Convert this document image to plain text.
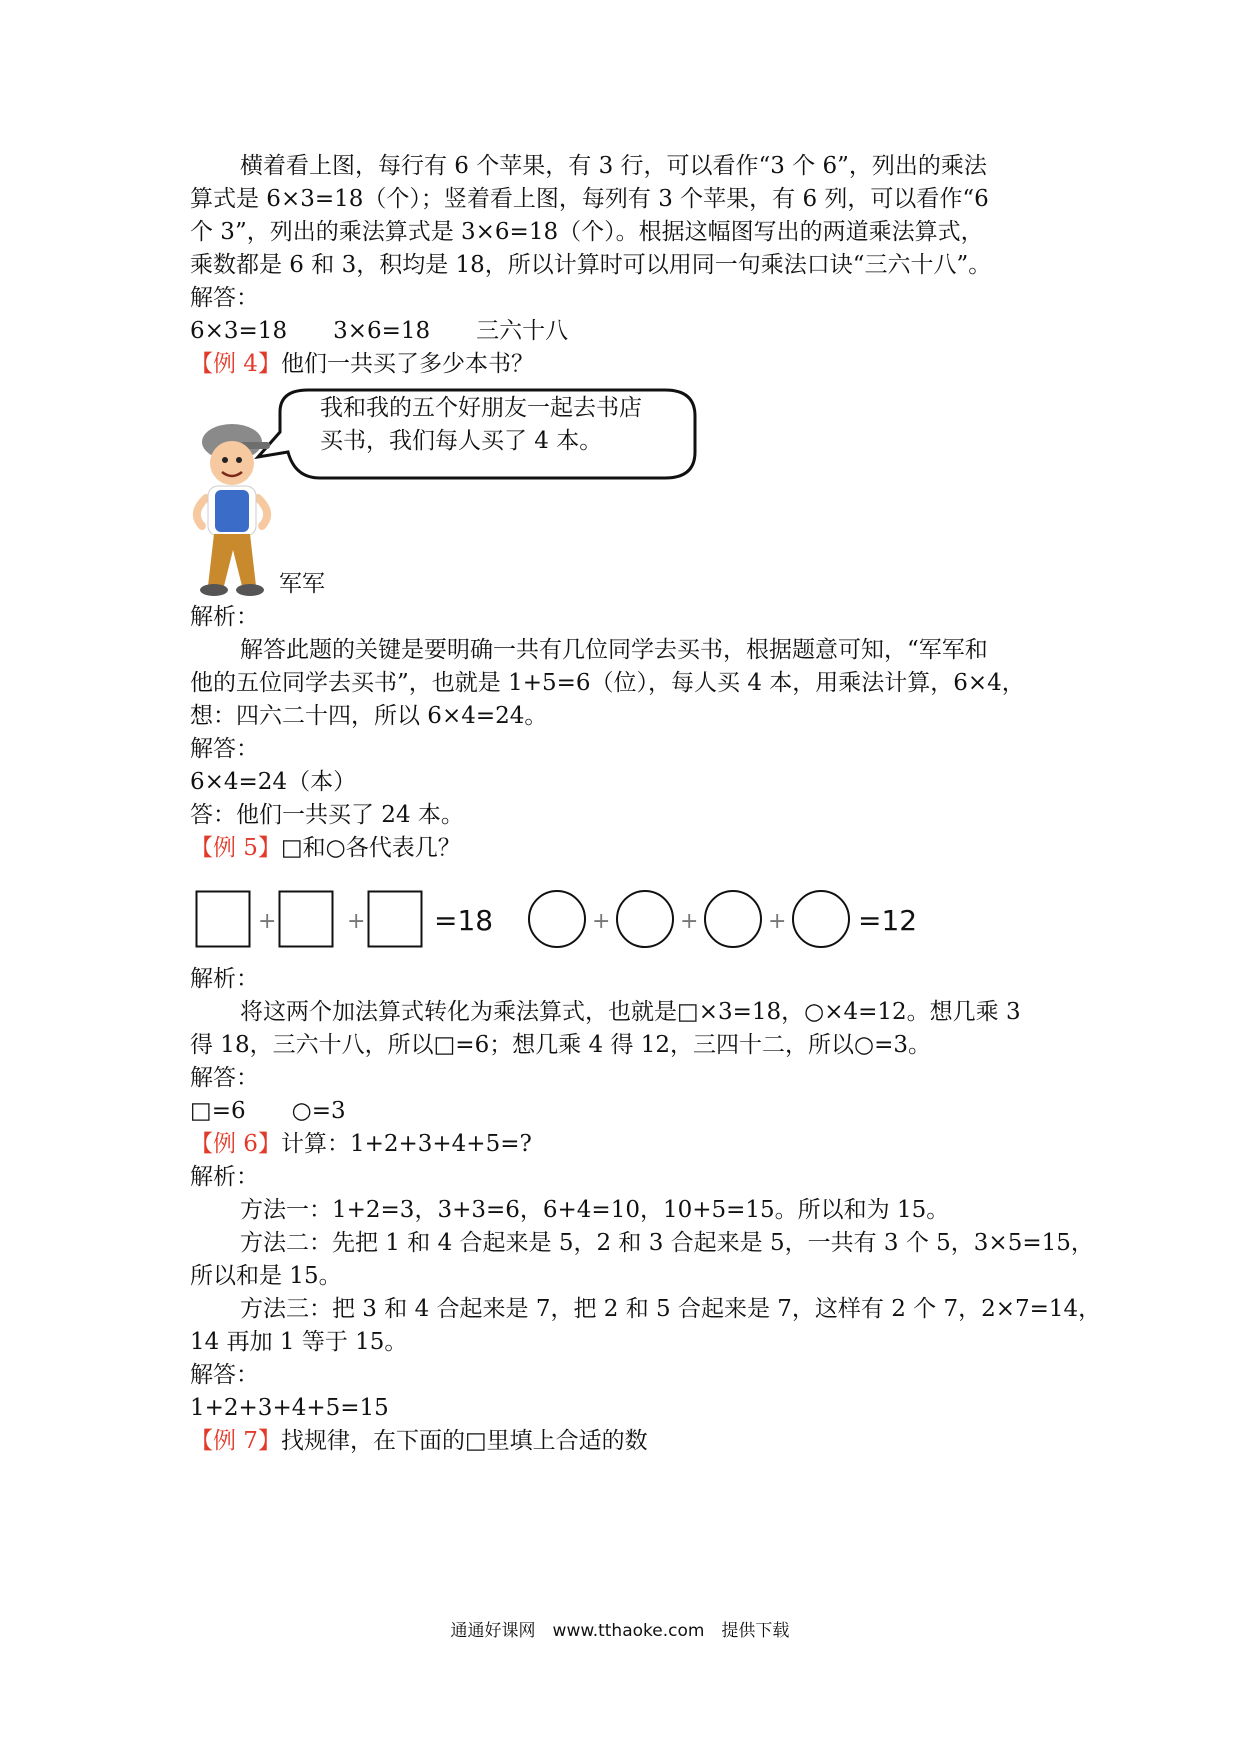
横着看上图，每行有 6 个苹果，有 3 行，可以看作“3 个 6”，列出的乘法
算式是 6×3=18（个）；竖着看上图，每列有 3 个苹果，有 6 列，可以看作“6
个 3”，列出的乘法算式是 3×6=18（个）。根据这幅图写出的两道乘法算式，
乘数都是 6 和 3，积均是 18，所以计算时可以用同一句乘法口诀“三六十八”。
解答：
6×3=18　　3×6=18　　三六十八
【例 4】他们一共买了多少本书？
我和我的五个好朋友一起去书店
买书，我们每人买了 4 本。
军军
解析：
解答此题的关键是要明确一共有几位同学去买书，根据题意可知，“军军和
他的五位同学去买书”，也就是 1+5=6（位），每人买 4 本，用乘法计算，6×4，
想：四六二十四，所以 6×4=24。
解答：
6×4=24（本）
答：他们一共买了 24 本。
【例 5】□和○各代表几？
+	+ =18	+	+	+	=12
解析：
将这两个加法算式转化为乘法算式，也就是□×3=18，○×4=12。想几乘 3
得 18，三六十八，所以□=6；想几乘 4 得 12，三四十二，所以○=3。
解答：
□=6　　○=3
【例 6】计算：1+2+3+4+5=?
解析：
方法一：1+2=3，3+3=6，6+4=10，10+5=15。所以和为 15。
方法二：先把 1 和 4 合起来是 5，2 和 3 合起来是 5，一共有 3 个 5，3×5=15，
所以和是 15。
方法三：把 3 和 4 合起来是 7，把 2 和 5 合起来是 7，这样有 2 个 7，2×7=14，
14 再加 1 等于 15。
解答：
1+2+3+4+5=15
【例 7】找规律，在下面的□里填上合适的数
通通好课网　www.tthaoke.com　提供下载
